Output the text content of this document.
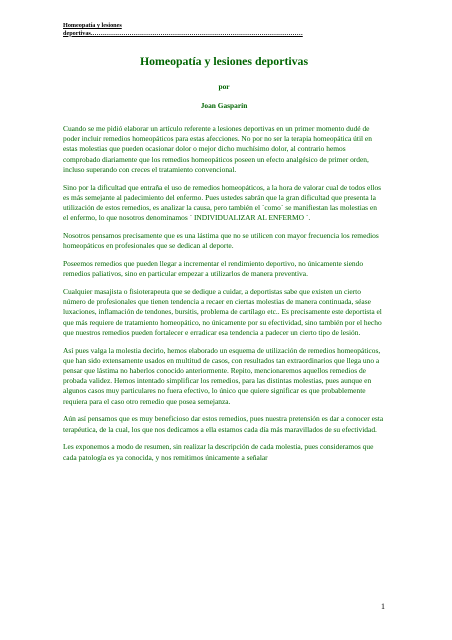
Homeopatía y lesiones
deportivas.…………………………………………………………………………………………
Homeopatía y lesiones deportivas
por
Joan Gasparín

Cuando se me pidió elaborar un artículo referente a lesiones deportivas en un primer momento dudé de poder incluir remedios homeopáticos para estas afecciones. No por no ser la terapia homeopática útil en estas molestias que pueden ocasionar dolor o mejor dicho muchísimo dolor, al contrario hemos comprobado diariamente que los remedios homeopáticos poseen un efecto analgésico de primer orden, incluso superando con creces el tratamiento convencional.

Sino por la dificultad que entraña el uso de remedios homeopáticos, a la hora de valorar cual de todos ellos es más semejante al padecimiento del enfermo. Pues ustedes sabrán que la gran dificultad que presenta la utilización de estos remedios, es analizar la causa, pero también el ´como´ se manifiestan las molestias en el enfermo, lo que nosotros denominamos ´ INDIVIDUALIZAR AL ENFERMO ´.

Nosotros pensamos precisamente que es una lástima que no se utilicen con mayor frecuencia los remedios homeopáticos en profesionales que se dedican al deporte.

Poseemos remedios que pueden llegar a incrementar el rendimiento deportivo, no únicamente siendo remedios paliativos, sino en particular empezar a utilizarlos de manera preventiva.

Cualquier masajista o fisioterapeuta que se dedique a cuidar, a deportistas sabe que existen un cierto número de profesionales que tienen tendencia a recaer en ciertas molestias de manera continuada, séase luxaciones, inflamación de tendones, bursitis, problema de cartílago etc.. Es precisamente este deportista el que más requiere de tratamiento homeopático, no únicamente por su efectividad, sino también por el hecho que nuestros remedios pueden fortalecer e erradicar esa tendencia a padecer un cierto tipo de lesión.

Así pues valga la molestia decirlo, hemos elaborado un esquema de utilización de remedios homeopáticos, que han sido extensamente usados en multitud de casos, con resultados tan extraordinarios que llega uno a pensar que lástima no haberlos conocido anteriormente. Repito, mencionaremos aquellos remedios de probada validez. Hemos intentado simplificar los remedios, para las distintas molestias, pues aunque en algunos casos muy particulares no fuera efectivo, lo único que quiere significar es que probablemente requiera para el caso otro remedio que posea semejanza.

Aún así pensamos que es muy beneficioso dar estos remedios, pues nuestra pretensión es dar a conocer esta terapéutica, de la cual, los que nos dedicamos a ella estamos cada día más maravillados de su efectividad.

Les exponemos a modo de resumen, sin realizar la descripción de cada molestia, pues consideramos que cada patología es ya conocida, y nos remitimos únicamente a señalar

1
